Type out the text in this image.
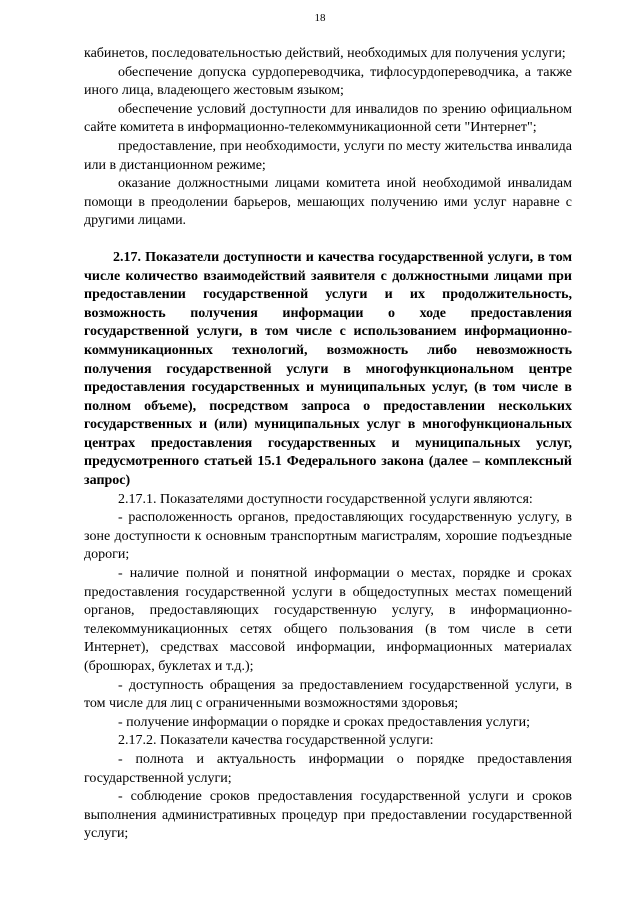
18

кабинетов, последовательностью действий, необходимых для получения услуги;

обеспечение допуска сурдопереводчика, тифлосурдопереводчика, а также иного лица, владеющего жестовым языком;

обеспечение условий доступности для инвалидов по зрению официальном сайте комитета в информационно-телекоммуникационной сети "Интернет";

предоставление, при необходимости, услуги по месту жительства инвалида или в дистанционном режиме;

оказание должностными лицами комитета иной необходимой инвалидам помощи в преодолении барьеров, мешающих получению ими услуг наравне с другими лицами.

2.17. Показатели доступности и качества государственной услуги, в том числе количество взаимодействий заявителя с должностными лицами при предоставлении государственной услуги и их продолжительность, возможность получения информации о ходе предоставления государственной услуги, в том числе с использованием информационно-коммуникационных технологий, возможность либо невозможность получения государственной услуги в многофункциональном центре предоставления государственных и муниципальных услуг, (в том числе в полном объеме), посредством запроса о предоставлении нескольких государственных и (или) муниципальных услуг в многофункциональных центрах предоставления государственных и муниципальных услуг, предусмотренного статьей 15.1 Федерального закона (далее – комплексный запрос)

2.17.1. Показателями доступности государственной услуги являются:

- расположенность органов, предоставляющих государственную услугу, в зоне доступности к основным транспортным магистралям, хорошие подъездные дороги;

- наличие полной и понятной информации о местах, порядке и сроках предоставления государственной услуги в общедоступных местах помещений органов, предоставляющих государственную услугу, в информационно-телекоммуникационных сетях общего пользования (в том числе в сети Интернет), средствах массовой информации, информационных материалах (брошюрах, буклетах и т.д.);

- доступность обращения за предоставлением государственной услуги, в том числе для лиц с ограниченными возможностями здоровья;

- получение информации о порядке и сроках предоставления услуги;

2.17.2. Показатели качества государственной услуги:

- полнота и актуальность информации о порядке предоставления государственной услуги;

- соблюдение сроков предоставления государственной услуги и сроков выполнения административных процедур при предоставлении государственной услуги;
